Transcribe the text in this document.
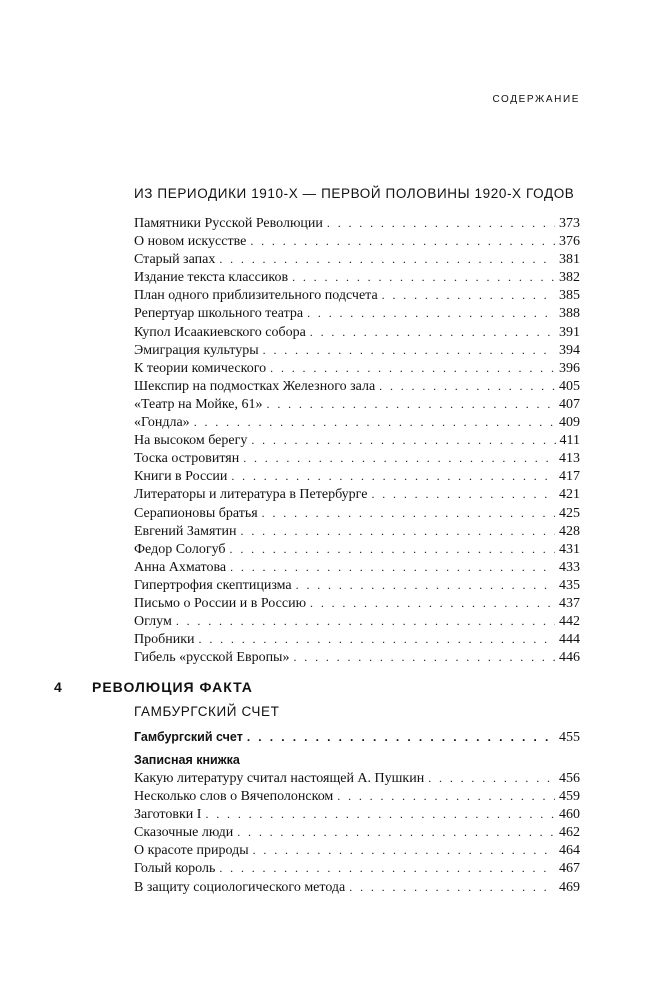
СОДЕРЖАНИЕ
ИЗ ПЕРИОДИКИ 1910-Х — ПЕРВОЙ ПОЛОВИНЫ 1920-Х ГОДОВ
Памятники Русской Революции . . .	373
О новом искусстве . . .	376
Старый запах . . .	381
Издание текста классиков . . .	382
План одного приблизительного подсчета . . .	385
Репертуар школьного театра . . .	388
Купол Исаакиевского собора . . .	391
Эмиграция культуры . . .	394
К теории комического . . .	396
Шекспир на подмостках Железного зала . . .	405
«Театр на Мойке, 61» . . .	407
«Гондла» . . .	409
На высоком берегу . . .	411
Тоска островитян . . .	413
Книги в России . . .	417
Литераторы и литература в Петербурге . . .	421
Серапионовы братья . . .	425
Евгений Замятин . . .	428
Федор Сологуб . . .	431
Анна Ахматова . . .	433
Гипертрофия скептицизма . . .	435
Письмо о России и в Россию . . .	437
Оглум . . .	442
Пробники . . .	444
Гибель «русской Европы» . . .	446
4 РЕВОЛЮЦИЯ ФАКТА
ГАМБУРГСКИЙ СЧЕТ
Гамбургский счет . . .	455
Записная книжка
Какую литературу считал настоящей А. Пушкин . . .	456
Несколько слов о Вячеполонском . . .	459
Заготовки I . . .	460
Сказочные люди . . .	462
О красоте природы . . .	464
Голый король . . .	467
В защиту социологического метода . . .	469
